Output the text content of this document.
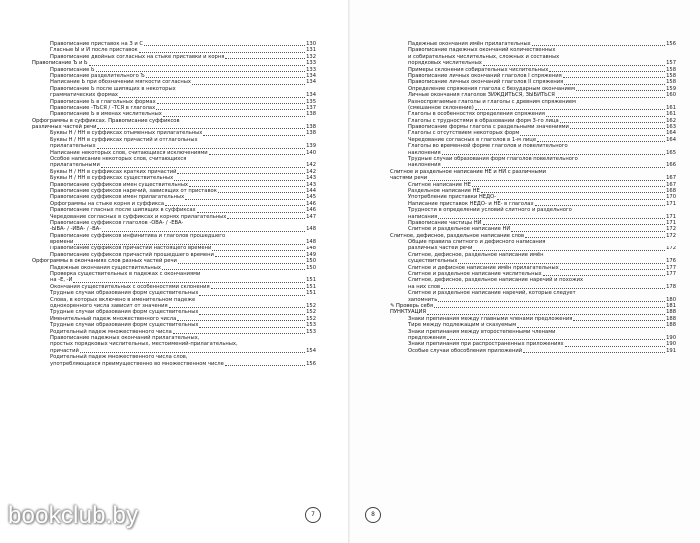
Правописание приставок на З и С	130
Гласные Ы и И после приставок	131
Правописание двойных согласных на стыке приставки и корня	132
Правописание Ъ и Ь	133
Правописание Ь	133
Правописание разделительного Ъ	134
Написание Ь при обозначении мягкости согласных	134
Правописание Ь после шипящих в некоторых
грамматических формах	134
Правописание Ь в глагольных формах	135
Правописание -ТЬСЯ / -ТСЯ в глаголах	137
Правописание Ь в именах числительных	138
Орфограммы в суффиксах. Правописание суффиксов
различных частей речи	138
Буквы Н / НН в суффиксах отыменных прилагательных	138
Буквы Н / НН в суффиксах причастий и отглагольных
прилагательных	139
Написание некоторых слов, считающихся исключениями	140
Особое написание некоторых слов, считающихся
прилагательными	142
Буквы Н / НН в суффиксах кратких причастий	142
Буквы Н / НН в суффиксах существительных	143
Правописание суффиксов имен существительных	143
Правописание суффиксов наречий, зависящих от приставок	144
Правописание суффиксов имен прилагательных	145
Орфограммы на стыке корня и суффикса	146
Правописание гласных после шипящих в суффиксах	146
Чередование согласных в суффиксах и корнях прилагательных	147
Правописание суффиксов глаголов -ОВА- / -ЕВА-
-ЫВА- / -ИВА- / -ВА-	148
Правописание суффиксов инфинитива и глаголов прошедшего
времени	148
Правописание суффиксов причастий настоящего времени	148
Правописание суффиксов причастий прошедшего времени	149
Орфограммы в окончаниях слов разных частей речи	150
Падежные окончания существительных	150
Проверка существительных в падежах с окончаниями
на -Е, -И	151
Окончания существительных с особенностями склонения	151
Трудные случаи образования форм существительных	151
Слова, в которых включено в именительном падеже
однокоренного числа зависит от значения	152
Трудные случаи образования форм существительных	152
Именительный падеж множественного числа	152
Трудные случаи образования форм существительных	153
Родительный падеж множественного числа	153
Правописание падежных окончаний прилагательных,
простых порядковых числительных, местоимений-прилагательных,
причастий	154
Родительный падеж множественного числа слов,
употребляющихся преимущественно во множественном числе	156
7
Падежные окончания имён прилагательных	156
Правописание падежных окончаний количественных
и собирательных числительных, сложных и составных
порядковых числительных	157
Примеры склонения собирательных числительных	158
Правописание личных окончаний глаголов I спряжения	158
Правописание личных окончаний глаголов II спряжения	158
Определение спряжения глагола с безударным окончанием	159
Личные окончания глаголов ЗИЖДИТЬСЯ, ЗЫБИТЬСЯ	160
Разноспрягаемые глаголы и глаголы с древним спряжением
(смешанное склонение)	161
Глаголы в особенностях определения спряжения	161
Глаголы с трудностями в образовании форм 3-го лица	162
Правописание формы глагола с раздельными значениями	163
Глаголы с отсутствием некоторых форм	164
Чередование согласных в глаголов в 1-м лице	164
Глаголы во временной форме глаголов и повелительного
наклонения	165
Трудные случаи образования форм глаголов повелительного
наклонения	166
Слитное и раздельное написание НЕ и НИ с различными
частями речи	167
Слитное написание НЕ	167
Раздельное написание НЕ	168
Употребление приставки НЕДО-	170
Написание приставок НЕДО- и НЕ- в глаголах	171
Трудности в определении условий слитного и раздельного
написания	171
Правописание частицы НИ	171
Слитное и раздельное написание НИ	172
Слитное, дефисное, раздельное написание слов	172
Общие правила слитного и дефисного написания
различных частей речи	172
Слитное, дефисное, раздельное написание имён
существительных	176
Слитное и дефисное написание имён прилагательных	177
Слитное и раздельное написание числительных	177
Слитное, дефисное, раздельное написание наречий и похожих
на них слов	178
Слитное и раздельное написание наречий, которые следует
запомнить	180
✎ Проверь себя	181
ПУНКТУАЦИЯ	188
Знаки препинания между главными членами предложения	188
Тире между подлежащим и сказуемым	188
Знаки препинания между второстепенными членами
предложения	190
Знаки препинания при распространенных приложениях	190
Особые случаи обособления приложений	191
8
bookclub.by
